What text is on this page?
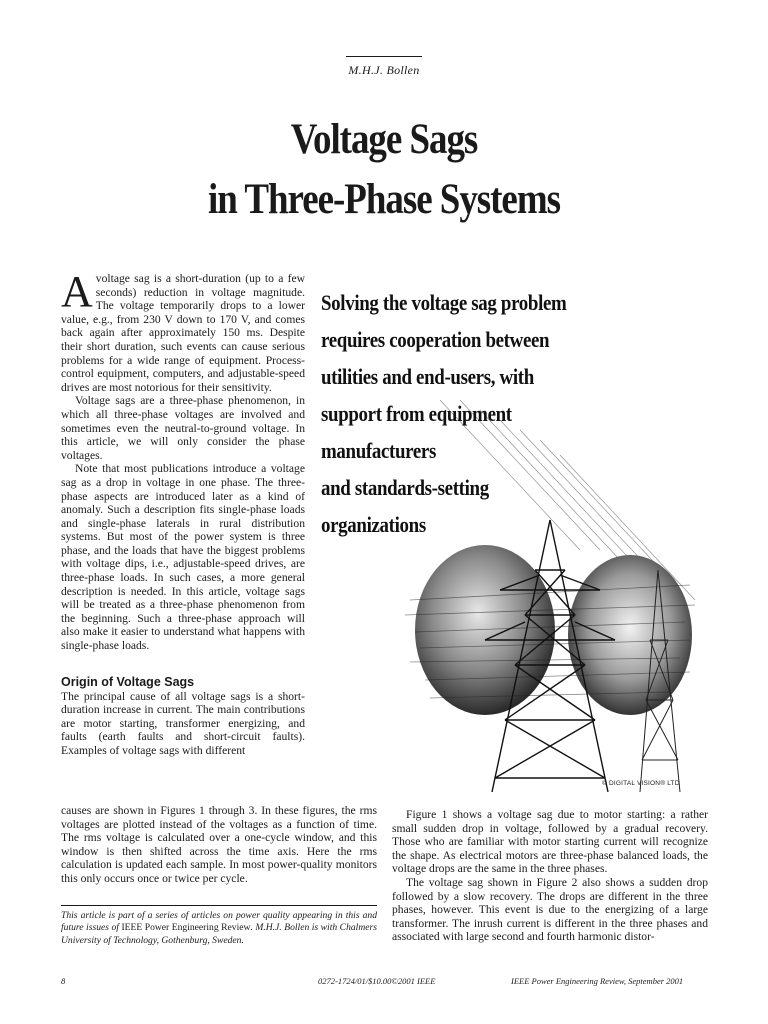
M.H.J. Bollen
Voltage Sags
in Three-Phase Systems

Avoltage sag is a short-duration (up to a few seconds) reduction in voltage magnitude. The voltage temporarily drops to a lower value, e.g., from 230 V down to 170 V, and comes back again after approximately 150 ms. Despite their short duration, such events can cause serious problems for a wide range of equipment. Process-control equipment, computers, and adjustable-speed drives are most notorious for their sensitivity.

Voltage sags are a three-phase phenomenon, in which all three-phase voltages are involved and sometimes even the neutral-to-ground voltage. In this article, we will only consider the phase voltages.

Note that most publications introduce a voltage sag as a drop in voltage in one phase. The three-phase aspects are introduced later as a kind of anomaly. Such a description fits single-phase loads and single-phase laterals in rural distribution systems. But most of the power system is three phase, and the loads that have the biggest problems with voltage dips, i.e., adjustable-speed drives, are three-phase loads. In such cases, a more general description is needed. In this article, voltage sags will be treated as a three-phase phenomenon from the beginning. Such a three-phase approach will also make it easier to understand what happens with single-phase loads.

Origin of Voltage Sags

The principal cause of all voltage sags is a short-duration increase in current. The main contributions are motor starting, transformer energizing, and faults (earth faults and short-circuit faults). Examples of voltage sags with different

causes are shown in Figures 1 through 3. In these figures, the rms voltages are plotted instead of the voltages as a function of time. The rms voltage is calculated over a one-cycle window, and this window is then shifted across the time axis. Here the rms calculation is updated each sample. In most power-quality monitors this only occurs once or twice per cycle.

Solving the voltage sag problem
requires cooperation between
utilities and end-users, with
support from equipment
manufacturers
and standards-setting
organizations
© DIGITAL VISION® LTD

Figure 1 shows a voltage sag due to motor starting: a rather small sudden drop in voltage, followed by a gradual recovery. Those who are familiar with motor starting current will recognize the shape. As electrical motors are three-phase balanced loads, the voltage drops are the same in the three phases.

The voltage sag shown in Figure 2 also shows a sudden drop followed by a slow recovery. The drops are different in the three phases, however. This event is due to the energizing of a large transformer. The inrush current is different in the three phases and associated with large second and fourth harmonic distor-

This article is part of a series of articles on power quality appearing in this and future issues of IEEE Power Engineering Review. M.H.J. Bollen is with Chalmers University of Technology, Gothenburg, Sweden.
8	0272-1724/01/$10.00©2001 IEEE	IEEE Power Engineering Review, September 2001
